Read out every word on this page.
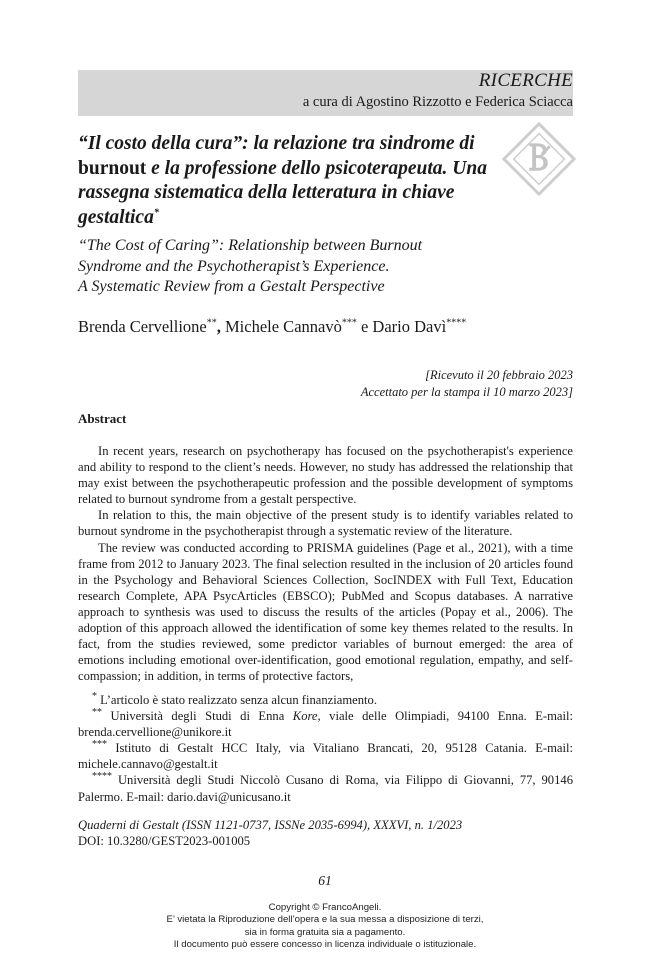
RICERCHE
a cura di Agostino Rizzotto e Federica Sciacca
“Il costo della cura”: la relazione tra sindrome di burnout e la professione dello psicoterapeuta. Una rassegna sistematica della letteratura in chiave gestaltica*
“The Cost of Caring”: Relationship between Burnout
Syndrome and the Psychotherapist’s Experience.
A Systematic Review from a Gestalt Perspective
Brenda Cervellione**, Michele Cannavò*** e Dario Davì****
[Ricevuto il 20 febbraio 2023
Accettato per la stampa il 10 marzo 2023]
Abstract

In recent years, research on psychotherapy has focused on the psychotherapist's experience and ability to respond to the client’s needs. However, no study has addressed the relationship that may exist between the psychotherapeutic profession and the possible development of symptoms related to burnout syndrome from a gestalt perspective.

In relation to this, the main objective of the present study is to identify variables related to burnout syndrome in the psychotherapist through a systematic review of the literature.

The review was conducted according to PRISMA guidelines (Page et al., 2021), with a time frame from 2012 to January 2023. The final selection resulted in the inclusion of 20 articles found in the Psychology and Behavioral Sciences Collection, SocINDEX with Full Text, Education research Complete, APA PsycArticles (EBSCO); PubMed and Scopus databases. A narrative approach to synthesis was used to discuss the results of the articles (Popay et al., 2006). The adoption of this approach allowed the identification of some key themes related to the results. In fact, from the studies reviewed, some predictor variables of burnout emerged: the area of emotions including emotional over-identification, good emotional regulation, empathy, and self-compassion; in addition, in terms of protective factors,

* L’articolo è stato realizzato senza alcun finanziamento.

** Università degli Studi di Enna Kore, viale delle Olimpiadi, 94100 Enna. E-mail: brenda.cervellione@unikore.it

*** Istituto di Gestalt HCC Italy, via Vitaliano Brancati, 20, 95128 Catania. E-mail: michele.cannavo@gestalt.it

**** Università degli Studi Niccolò Cusano di Roma, via Filippo di Giovanni, 77, 90146 Palermo. E-mail: dario.davi@unicusano.it

Quaderni di Gestalt (ISSN 1121-0737, ISSNe 2035-6994), XXXVI, n. 1/2023
DOI: 10.3280/GEST2023-001005
61
Copyright © FrancoAngeli.
E’ vietata la Riproduzione dell’opera e la sua messa a disposizione di terzi,
sia in forma gratuita sia a pagamento.
Il documento può essere concesso in licenza individuale o istituzionale.
